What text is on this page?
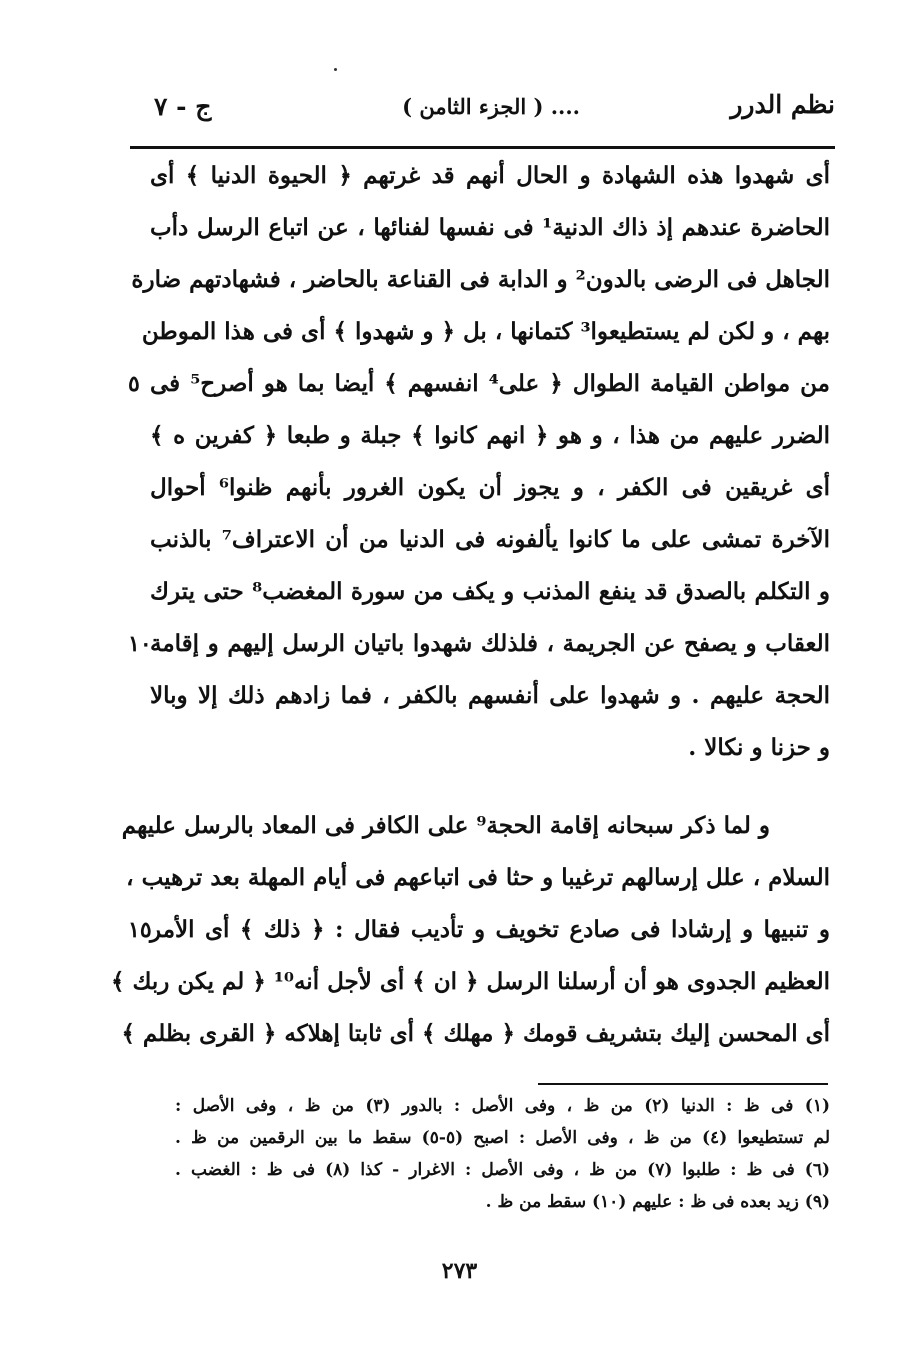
نظم الدرر
.... ( الجزء الثامن )
ج - ٧
أى شهدوا هذه الشهادة و الحال أنهم قد غرتهم ﴿ الحيوة الدنيا ﴾ أى
الحاضرة عندهم إذ ذاك الدنية¹ فى نفسها لفنائها ، عن اتباع الرسل دأب
الجاهل فى الرضى بالدون² و الدابة فى القناعة بالحاضر ، فشهادتهم ضارة
بهم ، و لكن لم يستطيعوا³ كتمانها ، بل ﴿ و شهدوا ﴾ أى فى هذا الموطن
من مواطن القيامة الطوال ﴿ على⁴ انفسهم ﴾ أيضا بما هو أصرح⁵ فى
٥
الضرر عليهم من هذا ، و هو ﴿ انهم كانوا ﴾ جبلة و طبعا ﴿ كفرين ه ﴾
أى غريقين فى الكفر ، و يجوز أن يكون الغرور بأنهم ظنوا⁶ أحوال
الآخرة تمشى على ما كانوا يألفونه فى الدنيا من أن الاعتراف⁷ بالذنب
و التكلم بالصدق قد ينفع المذنب و يكف من سورة المغضب⁸ حتى يترك
العقاب و يصفح عن الجريمة ، فلذلك شهدوا باتيان الرسل إليهم و إقامة
١٠
الحجة عليهم . و شهدوا على أنفسهم بالكفر ، فما زادهم ذلك إلا وبالا
و حزنا و نكالا .
و لما ذكر سبحانه إقامة الحجة⁹ على الكافر فى المعاد بالرسل عليهم
السلام ، علل إرسالهم ترغيبا و حثا فى اتباعهم فى أيام المهلة بعد ترهيب ،
و تنبيها و إرشادا فى صادع تخويف و تأديب فقال : ﴿ ذلك ﴾ أى الأمر
١٥
العظيم الجدوى هو أن أرسلنا الرسل ﴿ ان ﴾ أى لأجل أنه¹⁰ ﴿ لم يكن ربك ﴾
أى المحسن إليك بتشريف قومك ﴿ مهلك ﴾ أى ثابتا إهلاكه ﴿ القرى بظلم ﴾
(١) فى ظ : الدنيا (٢) من ظ ، وفى الأصل : بالدور (٣) من ظ ، وفى الأصل :
لم تستطيعوا (٤) من ظ ، وفى الأصل : اصبح (٥-٥) سقط ما بين الرقمين من ظ .
(٦) فى ظ : طلبوا (٧) من ظ ، وفى الأصل : الاغرار - كذا (٨) فى ظ : الغضب .
(٩) زيد بعده فى ظ : عليهم (١٠) سقط من ظ .
٢٧٣
